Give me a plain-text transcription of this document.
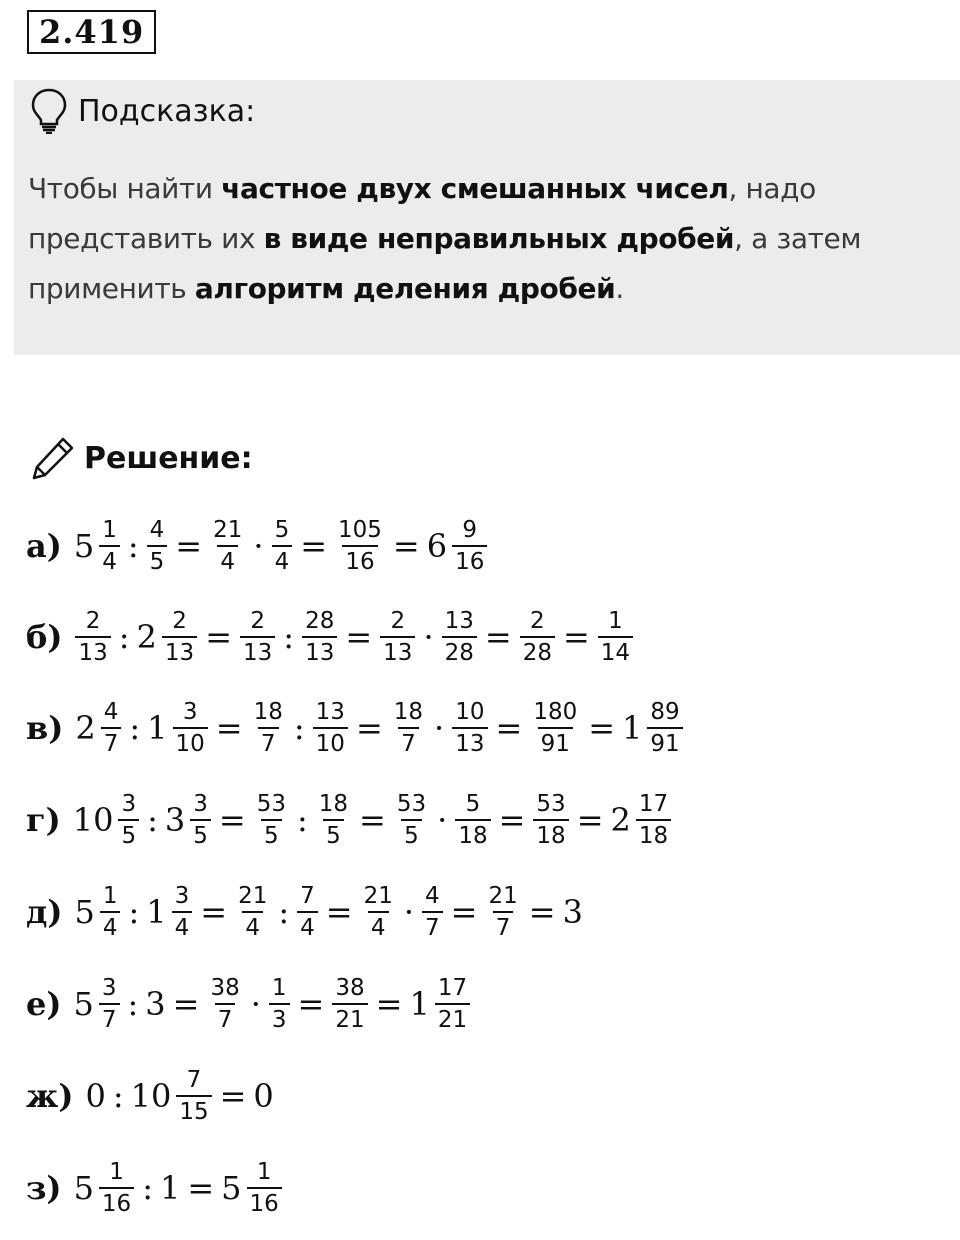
2.419
Подсказка:
Чтобы найти частное двух смешанных чисел, надо представить их в виде неправильных дробей, а затем применить алгоритм деления дробей.
Решение:
а) $5 \frac{1}{4}$ : $\frac{4}{5} = \frac{21}{4} \cdot \frac{5}{4} = \frac{105}{16} = 6 \frac{9}{16}$
$б) \frac{2}{13}$ : $2 \frac{2}{13} = \frac{2}{13}$ : $\frac{28}{13} = \frac{2}{13} \cdot \frac{13}{28} = \frac{2}{28} = \frac{1}{14}$
в) $2 \frac{4}{7}$ : $1 \frac{3}{10} = \frac{18}{7}$ : $\frac{13}{10} = \frac{18}{7} \cdot \frac{10}{13} = \frac{180}{91} = 1 \frac{89}{91}$
г) $10 \frac{3}{5}$ : $3 \frac{3}{5} = \frac{53}{5}$ : $\frac{18}{5} = \frac{53}{5} \cdot \frac{5}{18} = \frac{53}{18} = 2 \frac{17}{18}$
д) $5 \frac{1}{4}$ : $1 \frac{3}{4} = \frac{21}{4}$ : $\frac{7}{4} = \frac{21}{4} \cdot \frac{4}{7} = \frac{21}{7} = 3$
е) $5 \frac{3}{7}$ : $3 = \frac{38}{7} \cdot \frac{1}{3} = \frac{38}{21} = 1 \frac{17}{21}$
ж) 0 : $10 \frac{7}{15} = 0$
з) $5 \frac{1}{16}$ : $1 = 5 \frac{1}{16}$
